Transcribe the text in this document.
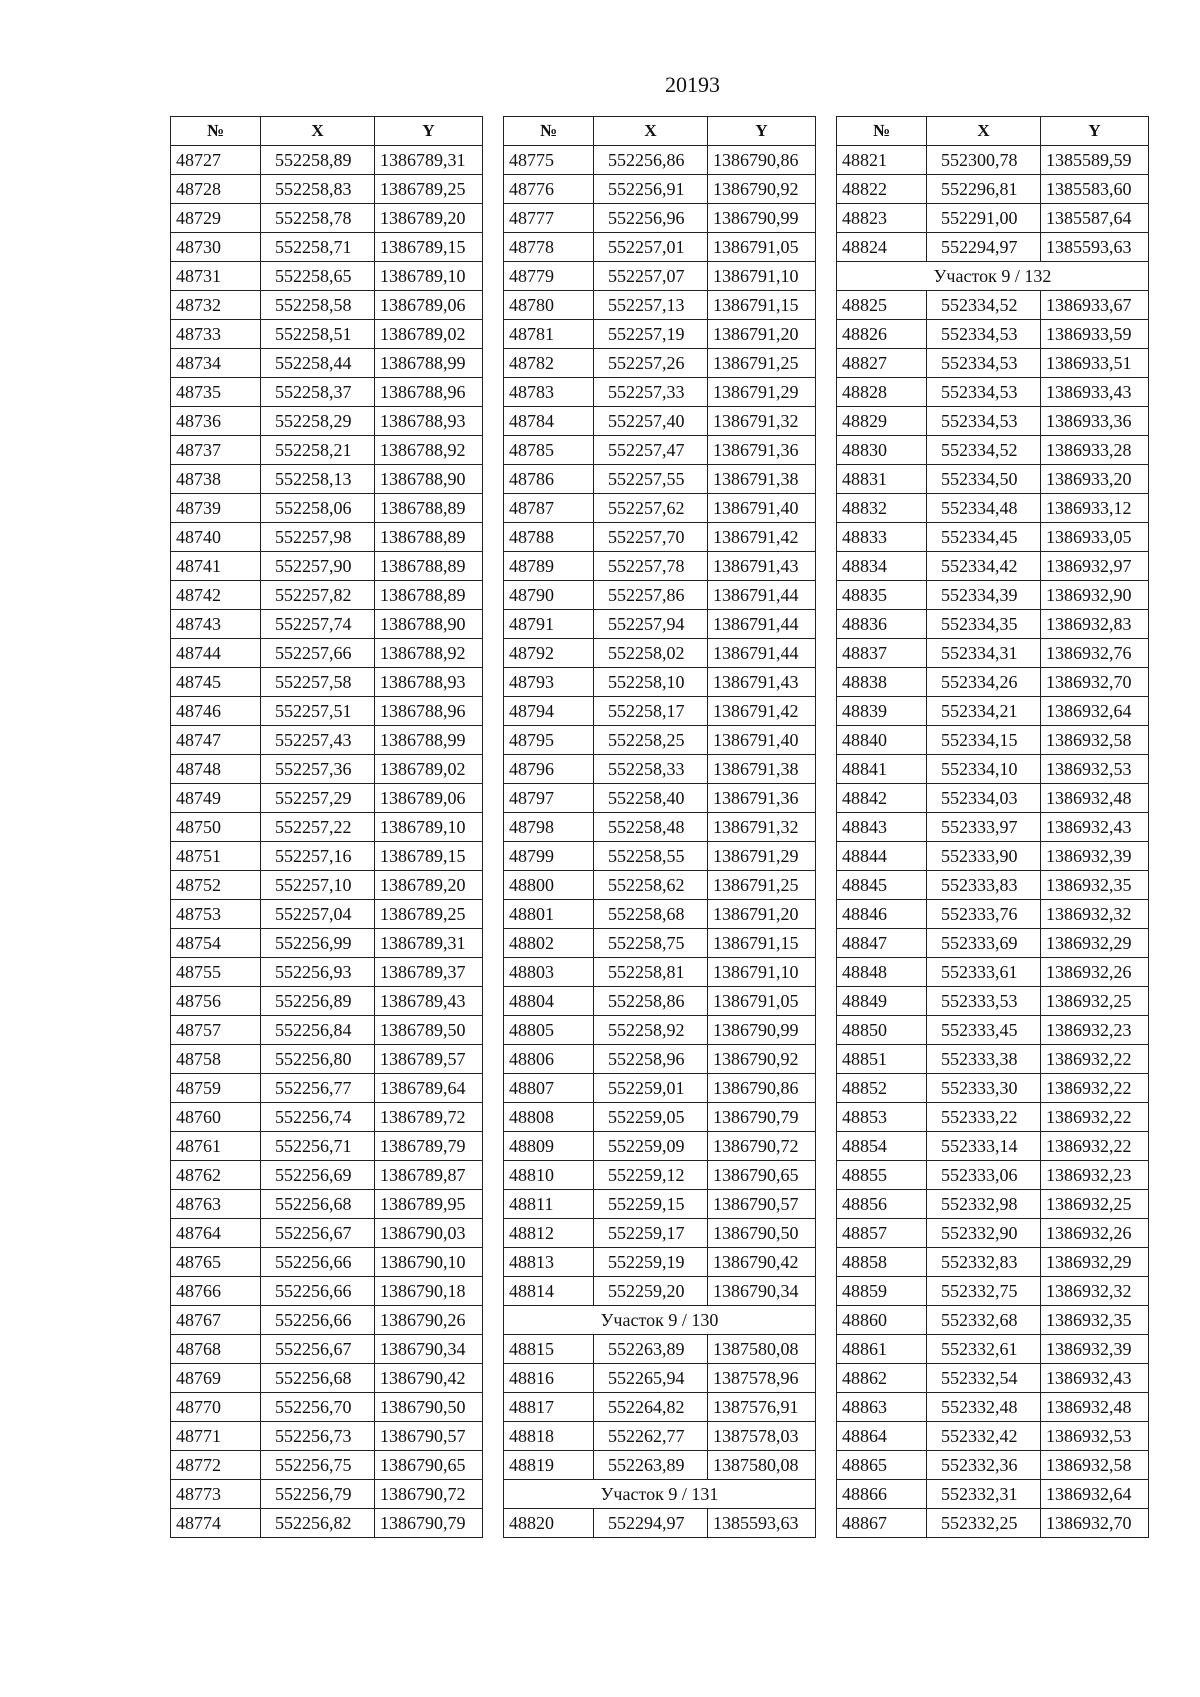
20193
№	X	Y
48727	552258,89	1386789,31
48728	552258,83	1386789,25
48729	552258,78	1386789,20
48730	552258,71	1386789,15
48731	552258,65	1386789,10
48732	552258,58	1386789,06
48733	552258,51	1386789,02
48734	552258,44	1386788,99
48735	552258,37	1386788,96
48736	552258,29	1386788,93
48737	552258,21	1386788,92
48738	552258,13	1386788,90
48739	552258,06	1386788,89
48740	552257,98	1386788,89
48741	552257,90	1386788,89
48742	552257,82	1386788,89
48743	552257,74	1386788,90
48744	552257,66	1386788,92
48745	552257,58	1386788,93
48746	552257,51	1386788,96
48747	552257,43	1386788,99
48748	552257,36	1386789,02
48749	552257,29	1386789,06
48750	552257,22	1386789,10
48751	552257,16	1386789,15
48752	552257,10	1386789,20
48753	552257,04	1386789,25
48754	552256,99	1386789,31
48755	552256,93	1386789,37
48756	552256,89	1386789,43
48757	552256,84	1386789,50
48758	552256,80	1386789,57
48759	552256,77	1386789,64
48760	552256,74	1386789,72
48761	552256,71	1386789,79
48762	552256,69	1386789,87
48763	552256,68	1386789,95
48764	552256,67	1386790,03
48765	552256,66	1386790,10
48766	552256,66	1386790,18
48767	552256,66	1386790,26
48768	552256,67	1386790,34
48769	552256,68	1386790,42
48770	552256,70	1386790,50
48771	552256,73	1386790,57
48772	552256,75	1386790,65
48773	552256,79	1386790,72
48774	552256,82	1386790,79
№	X	Y
48775	552256,86	1386790,86
48776	552256,91	1386790,92
48777	552256,96	1386790,99
48778	552257,01	1386791,05
48779	552257,07	1386791,10
48780	552257,13	1386791,15
48781	552257,19	1386791,20
48782	552257,26	1386791,25
48783	552257,33	1386791,29
48784	552257,40	1386791,32
48785	552257,47	1386791,36
48786	552257,55	1386791,38
48787	552257,62	1386791,40
48788	552257,70	1386791,42
48789	552257,78	1386791,43
48790	552257,86	1386791,44
48791	552257,94	1386791,44
48792	552258,02	1386791,44
48793	552258,10	1386791,43
48794	552258,17	1386791,42
48795	552258,25	1386791,40
48796	552258,33	1386791,38
48797	552258,40	1386791,36
48798	552258,48	1386791,32
48799	552258,55	1386791,29
48800	552258,62	1386791,25
48801	552258,68	1386791,20
48802	552258,75	1386791,15
48803	552258,81	1386791,10
48804	552258,86	1386791,05
48805	552258,92	1386790,99
48806	552258,96	1386790,92
48807	552259,01	1386790,86
48808	552259,05	1386790,79
48809	552259,09	1386790,72
48810	552259,12	1386790,65
48811	552259,15	1386790,57
48812	552259,17	1386790,50
48813	552259,19	1386790,42
48814	552259,20	1386790,34
Участок 9 / 130		
48815	552263,89	1387580,08
48816	552265,94	1387578,96
48817	552264,82	1387576,91
48818	552262,77	1387578,03
48819	552263,89	1387580,08
Участок 9 / 131		
48820	552294,97	1385593,63
№	X	Y
48821	552300,78	1385589,59
48822	552296,81	1385583,60
48823	552291,00	1385587,64
48824	552294,97	1385593,63
Участок 9 / 132		
48825	552334,52	1386933,67
48826	552334,53	1386933,59
48827	552334,53	1386933,51
48828	552334,53	1386933,43
48829	552334,53	1386933,36
48830	552334,52	1386933,28
48831	552334,50	1386933,20
48832	552334,48	1386933,12
48833	552334,45	1386933,05
48834	552334,42	1386932,97
48835	552334,39	1386932,90
48836	552334,35	1386932,83
48837	552334,31	1386932,76
48838	552334,26	1386932,70
48839	552334,21	1386932,64
48840	552334,15	1386932,58
48841	552334,10	1386932,53
48842	552334,03	1386932,48
48843	552333,97	1386932,43
48844	552333,90	1386932,39
48845	552333,83	1386932,35
48846	552333,76	1386932,32
48847	552333,69	1386932,29
48848	552333,61	1386932,26
48849	552333,53	1386932,25
48850	552333,45	1386932,23
48851	552333,38	1386932,22
48852	552333,30	1386932,22
48853	552333,22	1386932,22
48854	552333,14	1386932,22
48855	552333,06	1386932,23
48856	552332,98	1386932,25
48857	552332,90	1386932,26
48858	552332,83	1386932,29
48859	552332,75	1386932,32
48860	552332,68	1386932,35
48861	552332,61	1386932,39
48862	552332,54	1386932,43
48863	552332,48	1386932,48
48864	552332,42	1386932,53
48865	552332,36	1386932,58
48866	552332,31	1386932,64
48867	552332,25	1386932,70
